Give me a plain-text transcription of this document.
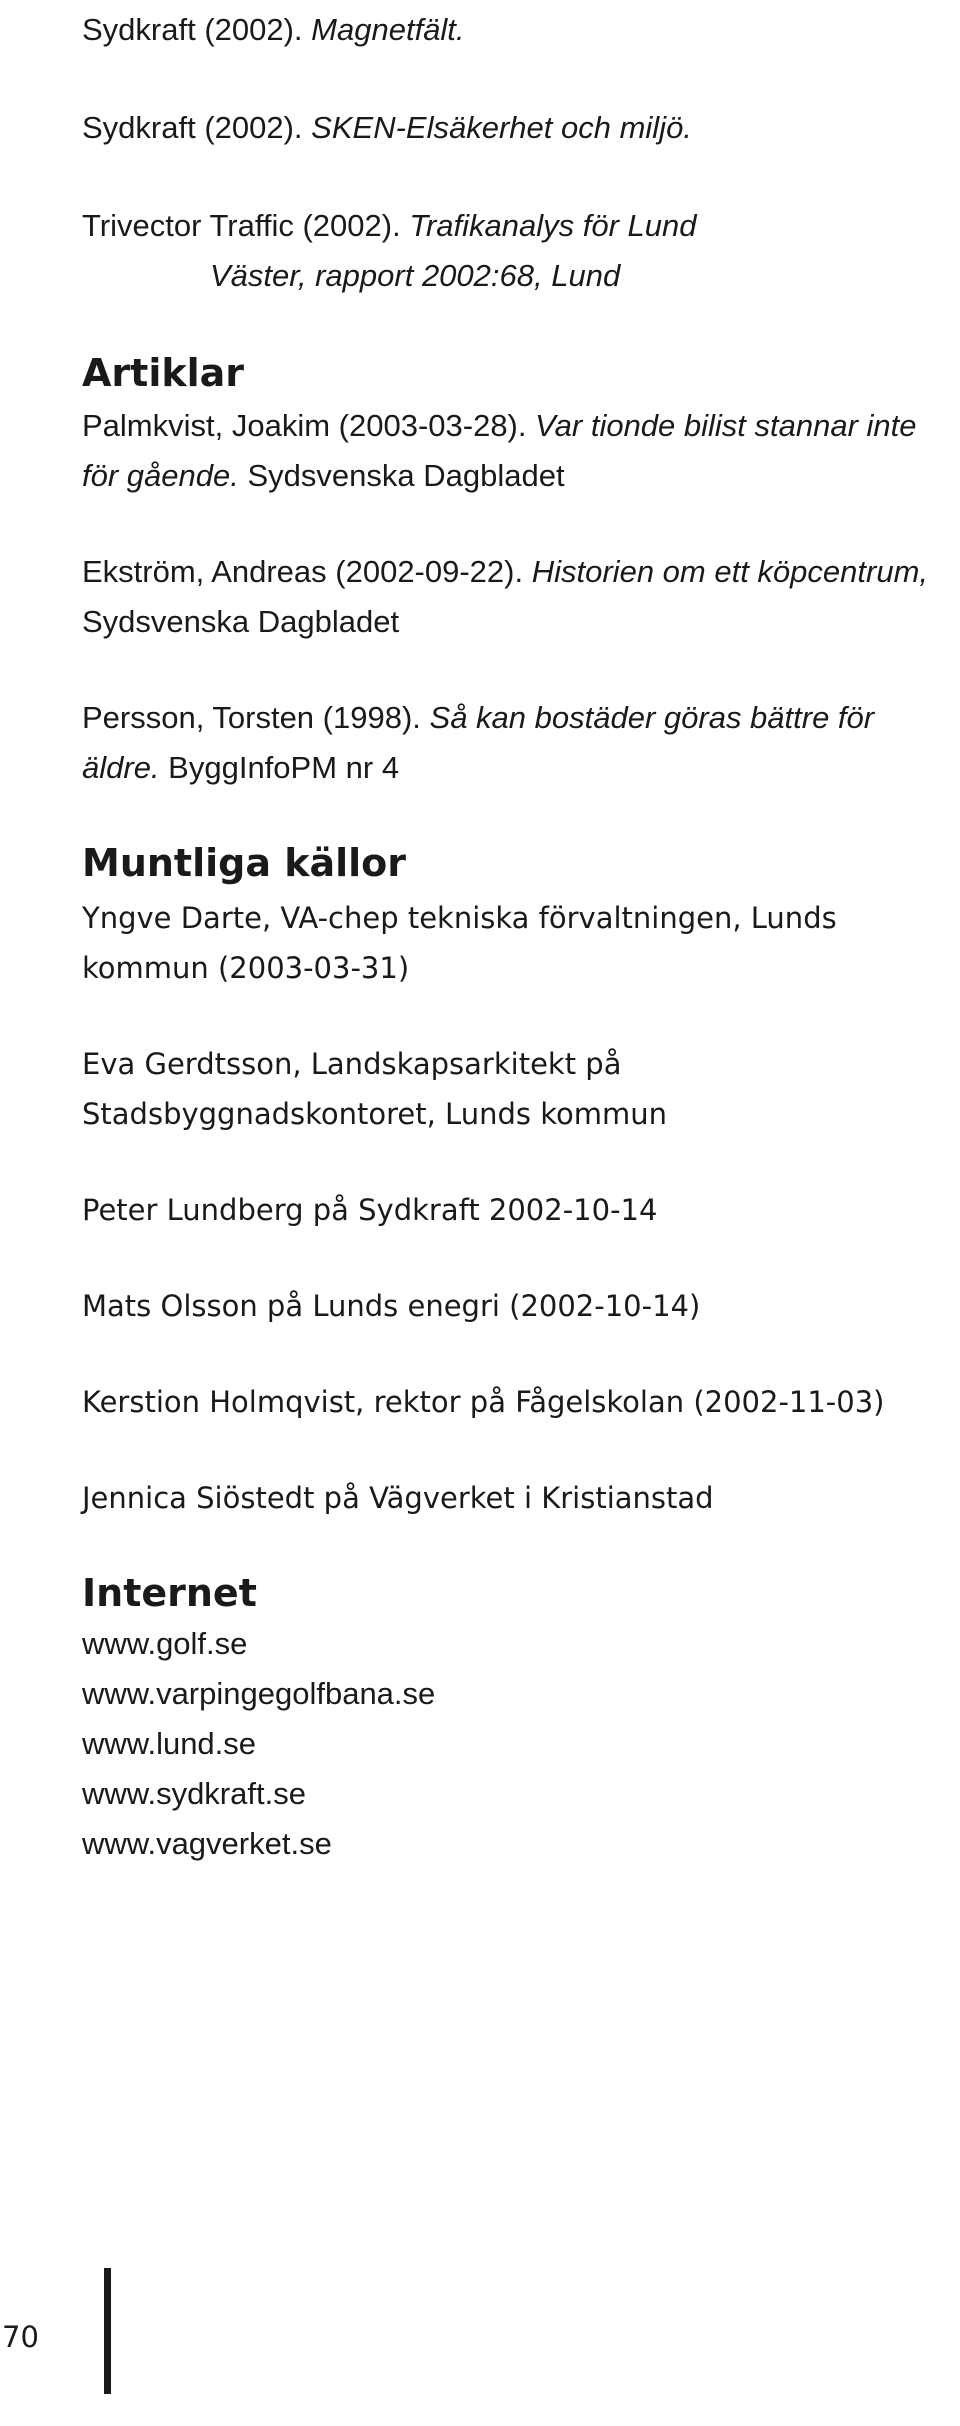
Sydkraft (2002). Magnetfält.

Sydkraft (2002). SKEN-Elsäkerhet och miljö.

Trivector Traffic (2002). Trafikanalys för Lund
Väster, rapport 2002:68, Lund

Artiklar

Palmkvist, Joakim (2003-03-28). Var tionde bilist stannar inte för gående. Sydsvenska Dagbladet

Ekström, Andreas (2002-09-22). Historien om ett köpcentrum, Sydsvenska Dagbladet

Persson, Torsten (1998). Så kan bostäder göras bättre för äldre. ByggInfoPM nr 4

Muntliga källor

Yngve Darte, VA-chep tekniska förvaltningen, Lunds kommun (2003-03-31)

Eva Gerdtsson, Landskapsarkitekt på Stadsbyggnadskontoret, Lunds kommun

Peter Lundberg på Sydkraft 2002-10-14

Mats Olsson på Lunds enegri (2002-10-14)

Kerstion Holmqvist, rektor på Fågelskolan (2002-11-03)

Jennica Siöstedt på Vägverket i Kristianstad

Internet

www.golf.se

www.varpingegolfbana.se

www.lund.se

www.sydkraft.se

www.vagverket.se

70
